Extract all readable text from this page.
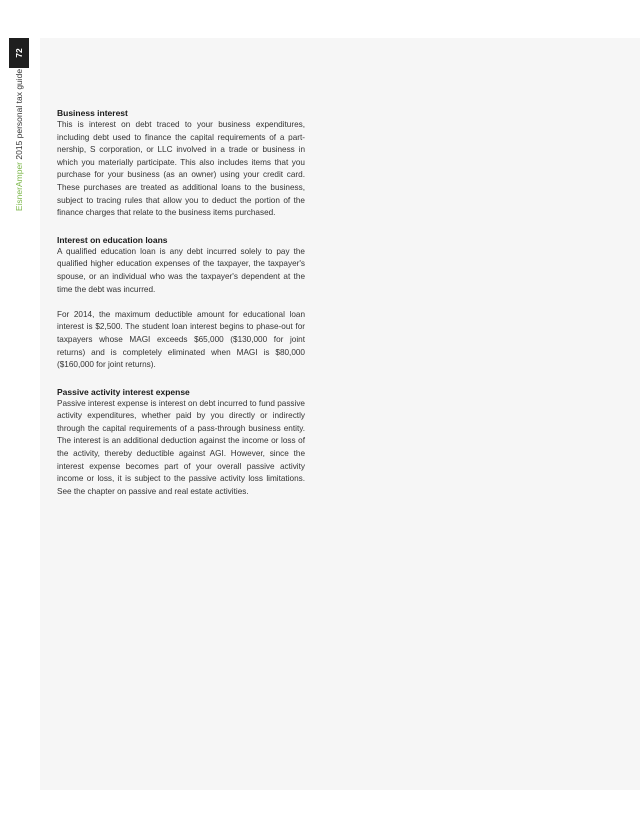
72
EisnerAmper 2015 personal tax guide	Business interest

This is interest on debt traced to your business expenditures, including debt used to finance the capital requirements of a part-nership, S corporation, or LLC involved in a trade or business in which you materially participate. This also includes items that you purchase for your business (as an owner) using your credit card. These purchases are treated as additional loans to the business, subject to tracing rules that allow you to deduct the portion of the finance charges that relate to the business items purchased.

Interest on education loans

A qualified education loan is any debt incurred solely to pay the qualified higher education expenses of the taxpayer, the taxpayer's spouse, or an individual who was the taxpayer's dependent at the time the debt was incurred.

For 2014, the maximum deductible amount for educational loan interest is $2,500. The student loan interest begins to phase-out for taxpayers whose MAGI exceeds $65,000 ($130,000 for joint returns) and is completely eliminated when MAGI is $80,000 ($160,000 for joint returns).

Passive activity interest expense

Passive interest expense is interest on debt incurred to fund passive activity expenditures, whether paid by you directly or indirectly through the capital requirements of a pass-through business entity. The interest is an additional deduction against the income or loss of the activity, thereby deductible against AGI. However, since the interest expense becomes part of your overall passive activity income or loss, it is subject to the passive activity loss limitations. See the chapter on passive and real estate activities.
